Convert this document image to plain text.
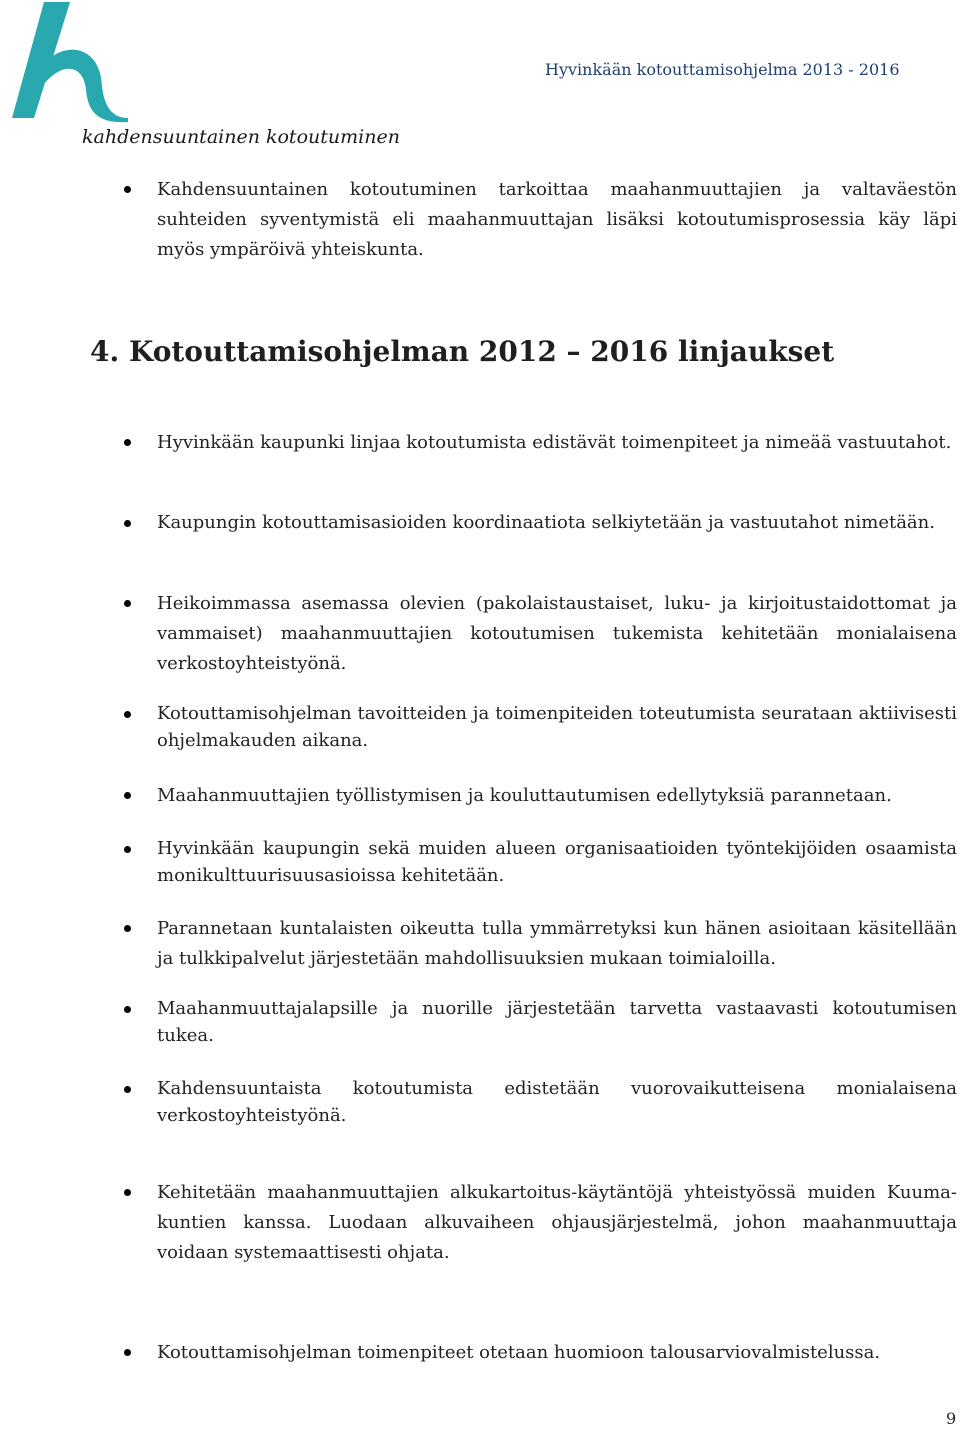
Hyvinkään kotouttamisohjelma 2013 - 2016
kahdensuuntainen kotoutuminen
Kahdensuuntainen kotoutuminen tarkoittaa maahanmuuttajien ja valtaväestön suhteiden syventymistä eli maahanmuuttajan lisäksi kotoutumisprosessia käy läpi myös ympäröivä yhteiskunta.
4. Kotouttamisohjelman 2012 – 2016 linjaukset
Hyvinkään kaupunki linjaa kotoutumista edistävät toimenpiteet ja nimeää vastuutahot.
Kaupungin kotouttamisasioiden koordinaatiota selkiytetään ja vastuutahot nimetään.
Heikoimmassa asemassa olevien (pakolaistaustaiset, luku- ja kirjoitustaidottomat ja vammaiset) maahanmuuttajien kotoutumisen tukemista kehitetään monialaisena verkostoyhteistyönä.
Kotouttamisohjelman tavoitteiden ja toimenpiteiden toteutumista seurataan aktiivisesti ohjelmakauden aikana.
Maahanmuuttajien työllistymisen ja kouluttautumisen edellytyksiä parannetaan.
Hyvinkään kaupungin sekä muiden alueen organisaatioiden työntekijöiden osaamista monikulttuurisuusasioissa kehitetään.
Parannetaan kuntalaisten oikeutta tulla ymmärretyksi kun hänen asioitaan käsitellään ja tulkkipalvelut järjestetään mahdollisuuksien mukaan toimialoilla.
Maahanmuuttajalapsille ja nuorille järjestetään tarvetta vastaavasti kotoutumisen tukea.
Kahdensuuntaista kotoutumista edistetään vuorovaikutteisena monialaisena verkostoyhteistyönä.
Kehitetään maahanmuuttajien alkukartoitus-käytäntöjä yhteistyössä muiden Kuuma-kuntien kanssa. Luodaan alkuvaiheen ohjausjärjestelmä, johon maahanmuuttaja voidaan systemaattisesti ohjata.
Kotouttamisohjelman toimenpiteet otetaan huomioon talousarviovalmistelussa.
9
